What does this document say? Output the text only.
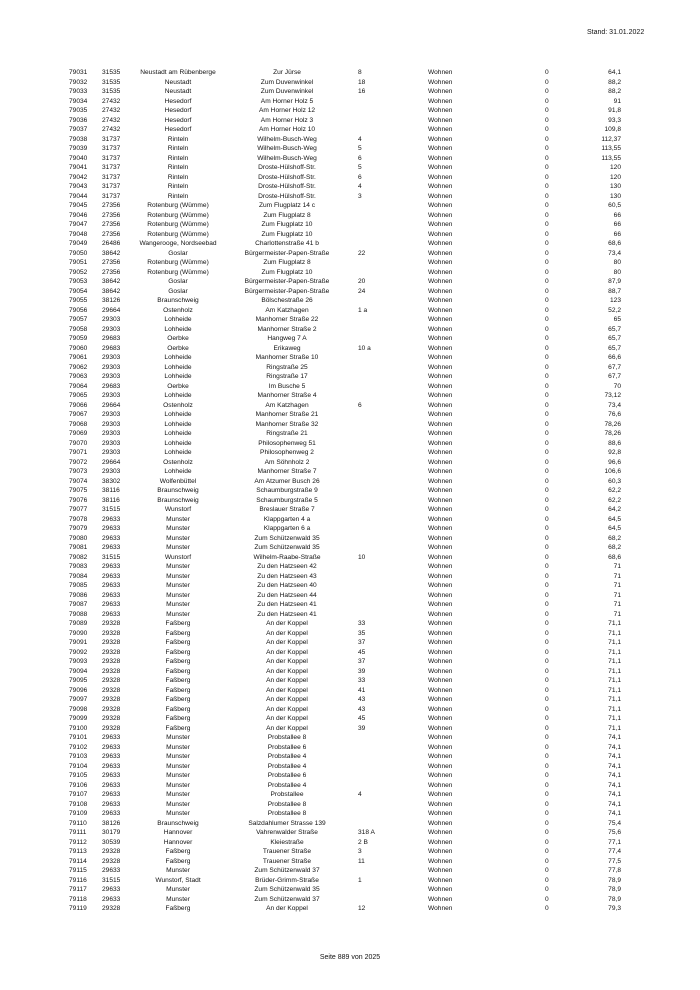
Stand: 31.01.2022
79031 31535	Neustadt am Rübenberge	Zur Jürse	8	Wohnen	0	64,1
79032 31535	Neustadt	Zum Duvenwinkel	18	Wohnen	0	88,2
79033 31535	Neustadt	Zum Duvenwinkel	16	Wohnen	0	88,2
79034 27432	Hesedorf	Am Horner Holz 5	Wohnen	0	91
79035 27432	Hesedorf	Am Horner Holz 12	Wohnen	0	91,8
79036 27432	Hesedorf	Am Horner Holz 3	Wohnen	0	93,3
79037 27432	Hesedorf	Am Horner Holz 10	Wohnen	0	109,8
79038 31737	Rinteln	Wilhelm-Busch-Weg	4	Wohnen	0	112,37
79039 31737	Rinteln	Wilhelm-Busch-Weg	5	Wohnen	0	113,55
79040 31737	Rinteln	Wilhelm-Busch-Weg	6	Wohnen	0	113,55
79041 31737	Rinteln	Droste-Hülshoff-Str.	5	Wohnen	0	120
79042 31737	Rinteln	Droste-Hülshoff-Str.	6	Wohnen	0	120
79043 31737	Rinteln	Droste-Hülshoff-Str.	4	Wohnen	0	130
79044 31737	Rinteln	Droste-Hülshoff-Str.	3	Wohnen	0	130
79045 27356	Rotenburg (Wümme)	Zum Flugplatz 14 c	Wohnen	0	60,5
79046 27356	Rotenburg (Wümme)	Zum Flugplatz 8	Wohnen	0	66
79047 27356	Rotenburg (Wümme)	Zum Flugplatz 10	Wohnen	0	66
79048 27356	Rotenburg (Wümme)	Zum Flugplatz 10	Wohnen	0	66
79049 26486	Wangerooge, Nordseebad	Charlottenstraße 41 b	Wohnen	0	68,6
79050 38642	Goslar	Bürgermeister-Papen-Straße	22	Wohnen	0	73,4
79051 27356	Rotenburg (Wümme)	Zum Flugplatz 8	Wohnen	0	80
79052 27356	Rotenburg (Wümme)	Zum Flugplatz 10	Wohnen	0	80
79053 38642	Goslar	Bürgermeister-Papen-Straße	20	Wohnen	0	87,9
79054 38642	Goslar	Bürgermeister-Papen-Straße	24	Wohnen	0	88,7
79055 38126	Braunschweig	Bölschestraße 26	Wohnen	0	123
79056 29664	Ostenholz	Am Katzhagen	1 a	Wohnen	0	52,2
79057 29303	Lohheide	Manhorner Straße 22	Wohnen	0	65
79058 29303	Lohheide	Manhorner Straße 2	Wohnen	0	65,7
79059 29683	Oerbke	Hangweg 7 A	Wohnen	0	65,7
79060 29683	Oerbke	Erikaweg	10 a	Wohnen	0	65,7
79061 29303	Lohheide	Manhorner Straße 10	Wohnen	0	66,6
79062 29303	Lohheide	Ringstraße 25	Wohnen	0	67,7
79063 29303	Lohheide	Ringstraße 17	Wohnen	0	67,7
79064 29683	Oerbke	Im Busche 5	Wohnen	0	70
79065 29303	Lohheide	Manhorner Straße 4	Wohnen	0	73,12
79066 29664	Ostenholz	Am Katzhagen	6	Wohnen	0	73,4
79067 29303	Lohheide	Manhorner Straße 21	Wohnen	0	76,6
79068 29303	Lohheide	Manhorner Straße 32	Wohnen	0	78,26
79069 29303	Lohheide	Ringstraße 21	Wohnen	0	78,26
79070 29303	Lohheide	Philosophenweg 51	Wohnen	0	88,6
79071 29303	Lohheide	Philosophenweg 2	Wohnen	0	92,8
79072 29664	Ostenholz	Am Söhnholz 2	Wohnen	0	96,6
79073 29303	Lohheide	Manhorner Straße 7	Wohnen	0	106,6
79074 38302	Wolfenbüttel	Am Atzumer Busch 26	Wohnen	0	60,3
79075 38116	Braunschweig	Schaumburgstraße 9	Wohnen	0	62,2
79076 38116	Braunschweig	Schaumburgstraße 5	Wohnen	0	62,2
79077 31515	Wunstorf	Breslauer Straße 7	Wohnen	0	64,2
79078 29633	Munster	Klappgarten 4 a	Wohnen	0	64,5
79079 29633	Munster	Klappgarten 6 a	Wohnen	0	64,5
79080 29633	Munster	Zum Schützenwald 35	Wohnen	0	68,2
79081 29633	Munster	Zum Schützenwald 35	Wohnen	0	68,2
79082 31515	Wunstorf	Wilhelm-Raabe-Straße	10	Wohnen	0	68,6
79083 29633	Munster	Zu den Hatzseen 42	Wohnen	0	71
79084 29633	Munster	Zu den Hatzseen 43	Wohnen	0	71
79085 29633	Munster	Zu den Hatzseen 40	Wohnen	0	71
79086 29633	Munster	Zu den Hatzseen 44	Wohnen	0	71
79087 29633	Munster	Zu den Hatzseen 41	Wohnen	0	71
79088 29633	Munster	Zu den Hatzseen 41	Wohnen	0	71
79089 29328	Faßberg	An der Koppel	33	Wohnen	0	71,1
79090 29328	Faßberg	An der Koppel	35	Wohnen	0	71,1
79091 29328	Faßberg	An der Koppel	37	Wohnen	0	71,1
79092 29328	Faßberg	An der Koppel	45	Wohnen	0	71,1
79093 29328	Faßberg	An der Koppel	37	Wohnen	0	71,1
79094 29328	Faßberg	An der Koppel	39	Wohnen	0	71,1
79095 29328	Faßberg	An der Koppel	33	Wohnen	0	71,1
79096 29328	Faßberg	An der Koppel	41	Wohnen	0	71,1
79097 29328	Faßberg	An der Koppel	43	Wohnen	0	71,1
79098 29328	Faßberg	An der Koppel	43	Wohnen	0	71,1
79099 29328	Faßberg	An der Koppel	45	Wohnen	0	71,1
79100 29328	Faßberg	An der Koppel	39	Wohnen	0	71,1
79101 29633	Munster	Probstallee 8	Wohnen	0	74,1
79102 29633	Munster	Probstallee 6	Wohnen	0	74,1
79103 29633	Munster	Probstallee 4	Wohnen	0	74,1
79104 29633	Munster	Probstallee 4	Wohnen	0	74,1
79105 29633	Munster	Probstallee 6	Wohnen	0	74,1
79106 29633	Munster	Probstallee 4	Wohnen	0	74,1
79107 29633	Munster	Probstallee	4	Wohnen	0	74,1
79108 29633	Munster	Probstallee 8	Wohnen	0	74,1
79109 29633	Munster	Probstallee 8	Wohnen	0	74,1
79110 38126	Braunschweig	Salzdahlumer Strasse 139	Wohnen	0	75,4
79111 30179	Hannover	Vahrenwalder Straße	318 A	Wohnen	0	75,6
79112 30539	Hannover	Kleiestraße	2 B	Wohnen	0	77,1
79113 29328	Faßberg	Trauener Straße	3	Wohnen	0	77,4
79114 29328	Faßberg	Trauener Straße	11	Wohnen	0	77,5
79115 29633	Munster	Zum Schützenwald 37	Wohnen	0	77,8
79116 31515	Wunstorf, Stadt	Brüder-Grimm-Straße	1	Wohnen	0	78,9
79117 29633	Munster	Zum Schützenwald 35	Wohnen	0	78,9
79118 29633	Munster	Zum Schützenwald 37	Wohnen	0	78,9
79119 29328	Faßberg	An der Koppel	12	Wohnen	0	79,3
Seite 889 von 2025
